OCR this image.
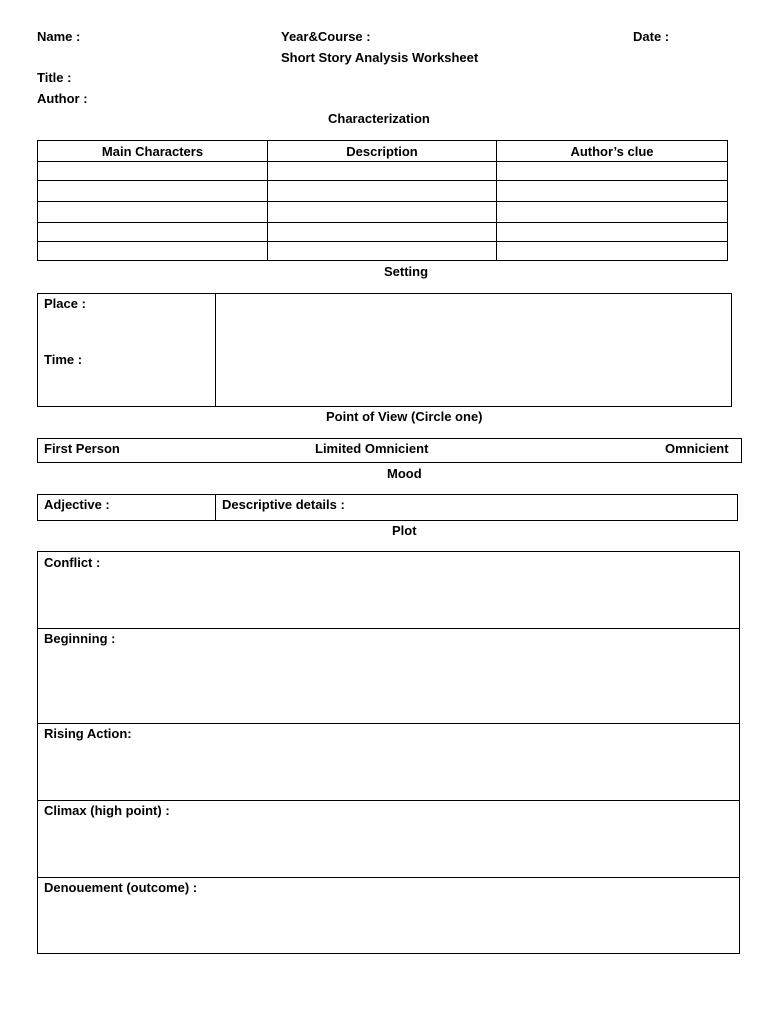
Name :	Year&Course :	Date :
Short Story Analysis Worksheet
Title :
Author :
Characterization
Main Characters	Description	Author’s clue

Setting
Place :
Time :
Point of View (Circle one)
First Person	Limited Omnicient	Omnicient
Mood
Adjective :	Descriptive details :
Plot
Conflict :
Beginning :
Rising Action:
Climax (high point) :
Denouement (outcome) :
